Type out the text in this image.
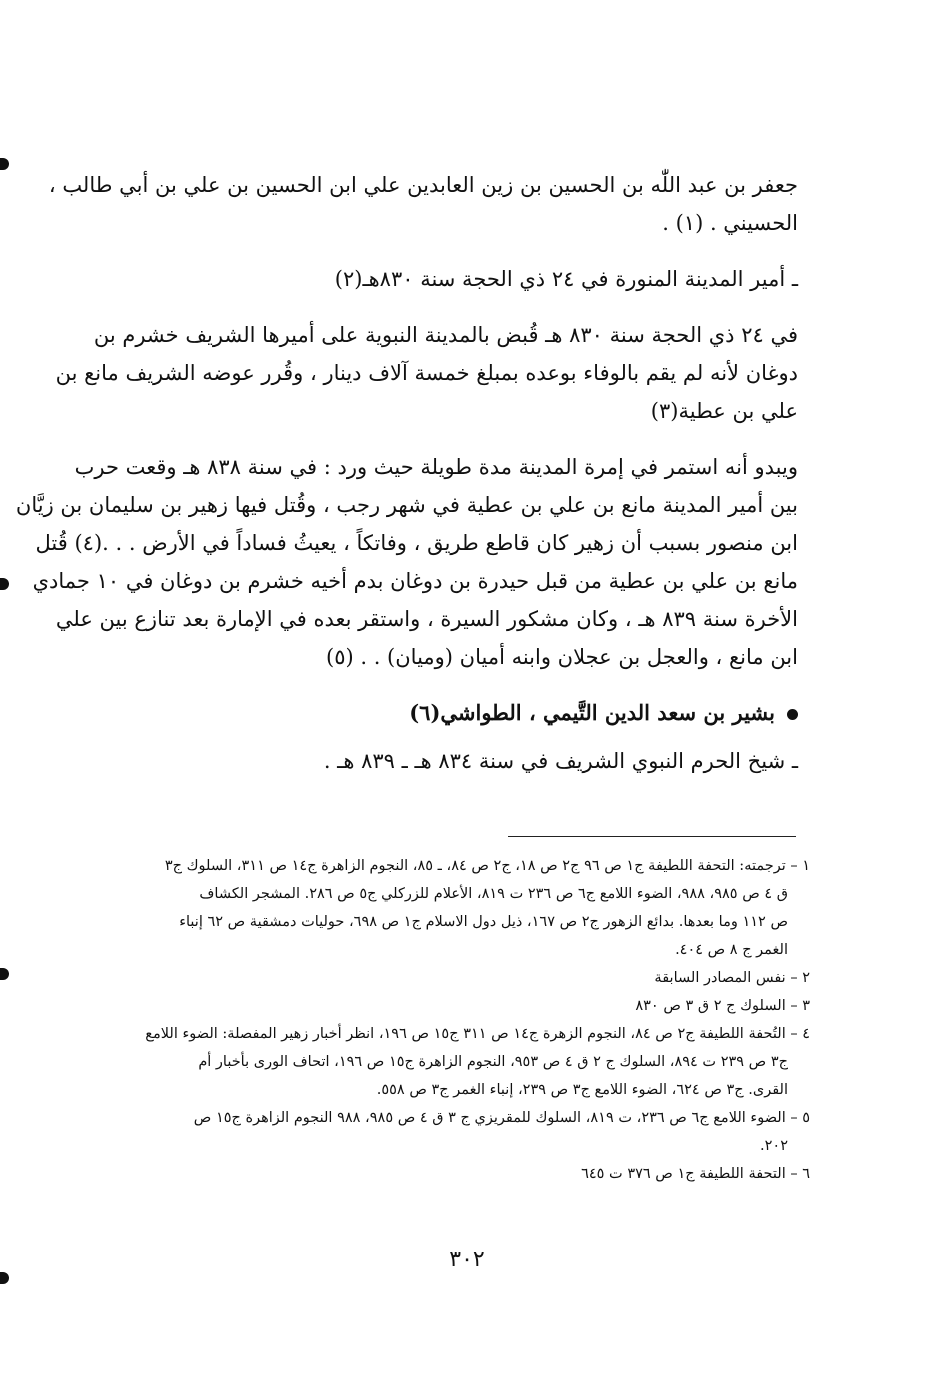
جعفر بن عبد اللّٰه بن الحسين بن زين العابدين علي ابن الحسين بن علي بن أبي طالب ،
الحسيني . (١) .
ـ أمير المدينة المنورة في ٢٤ ذي الحجة سنة ٨٣٠هـ(٢)
في ٢٤ ذي الحجة سنة ٨٣٠ هـ قُبض بالمدينة النبوية على أميرها الشريف خشرم بن
دوغان لأنه لم يقم بالوفاء بوعده بمبلغ خمسة آلاف دينار ، وقُرر عوضه الشريف مانع بن
علي بن عطية(٣)
ويبدو أنه استمر في إمرة المدينة مدة طويلة حيث ورد : في سنة ٨٣٨ هـ وقعت حرب
بين أمير المدينة مانع بن علي بن عطية في شهر رجب ، وقُتل فيها زهير بن سليمان بن زيَّان
ابن منصور بسبب أن زهير كان قاطع طريق ، وفاتكاً ، يعيثُ فساداً في الأرض . . .(٤) قُتل
مانع بن علي بن عطية من قبل حيدرة بن دوغان بدم أخيه خشرم بن دوغان في ١٠ جمادي
الأخرة سنة ٨٣٩ هـ ، وكان مشكور السيرة ، واستقر بعده في الإمارة بعد تنازع بين علي
ابن مانع ، والعجل بن عجلان وابنه أميان (وميان) . . (٥)
بشير بن سعد الدين التَّيمي ، الطواشي(٦)
ـ شيخ الحرم النبوي الشريف في سنة ٨٣٤ هـ ـ ٨٣٩ هـ .
١ – ترجمته: التحفة اللطيفة ج١ ص ٩٦ ج٢ ص ١٨، ج٢ ص ٨٤، ـ ٨٥، النجوم الزاهرة ج١٤ ص ٣١١، السلوك ج٣
ق ٤ ص ٩٨٥، ٩٨٨، الضوء اللامع ج٦ ص ٢٣٦ ت ٨١٩، الأعلام للزركلي ج٥ ص ٢٨٦. المشجر الكشاف
ص ١١٢ وما بعدها. بدائع الزهور ج٢ ص ١٦٧، ذيل دول الاسلام ج١ ص ٦٩٨، حوليات دمشقية ص ٦٢ إنباء
الغمر ج ٨ ص ٤٠٤.
٢ – نفس المصادر السابقة
٣ – السلوك ج ٢ ق ٣ ص ٨٣٠
٤ – التُحفة اللطيفة ج٢ ص ٨٤، النجوم الزهرة ج١٤ ص ٣١١ ج١٥ ص ١٩٦، انظر أخبار زهير المفصلة: الضوء اللامع
ج٣ ص ٢٣٩ ت ٨٩٤، السلوك ج ٢ ق ٤ ص ٩٥٣، النجوم الزاهرة ج١٥ ص ١٩٦، اتحاف الورى بأخبار أم
القرى. ج٣ ص ٦٢٤، الضوء اللامع ج٣ ص ٢٣٩، إنباء الغمر ج٣ ص ٥٥٨.
٥ – الضوء اللامع ج٦ ص ٢٣٦، ت ٨١٩، السلوك للمقريزي ج ٣ ق ٤ ص ٩٨٥، ٩٨٨ النجوم الزاهرة ج١٥ ص
٢٠٢.
٦ – التحفة اللطيفة ج١ ص ٣٧٦ ت ٦٤٥
٣٠٢
